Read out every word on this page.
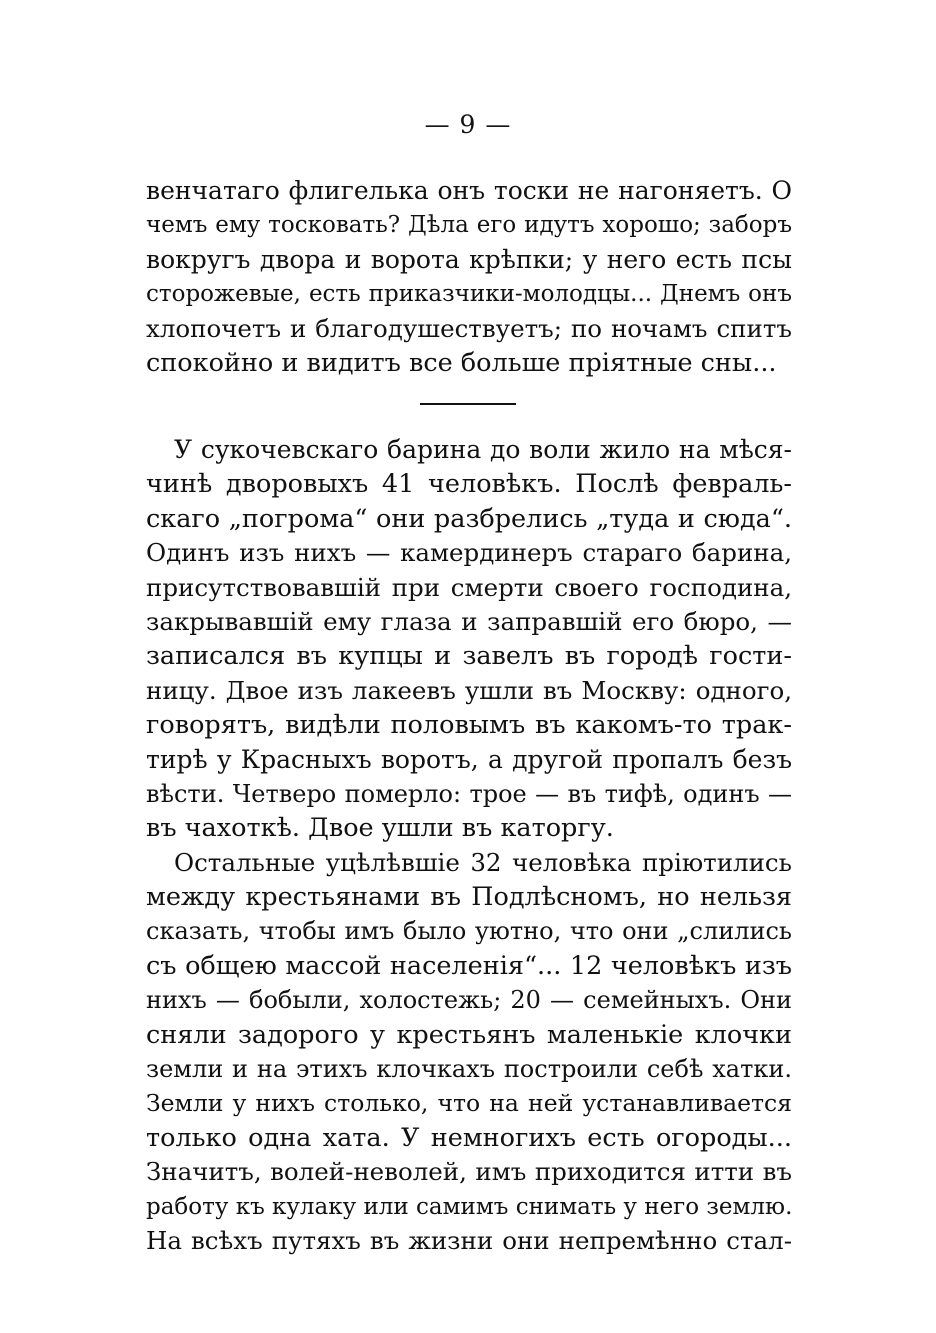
— 9 —
венчатаго флигелька онъ тоски не нагоняетъ. О
чемъ ему тосковать? Дѣла его идутъ хорошо; заборъ
вокругъ двора и ворота крѣпки; у него есть псы
сторожевые, есть приказчики-молодцы... Днемъ онъ
хлопочетъ и благодушествуетъ; по ночамъ спитъ
спокойно и видитъ все больше пріятные сны...
У сукочевскаго барина до воли жило на мѣся-
чинѣ дворовыхъ 41 человѣкъ. Послѣ февраль-
скаго „погрома“ они разбрелись „туда и сюда“.
Одинъ изъ нихъ — камердинеръ стараго барина,
присутствовавшій при смерти своего господина,
закрывавшій ему глаза и заправшій его бюро, —
записался въ купцы и завелъ въ городѣ гости-
ницу. Двое изъ лакеевъ ушли въ Москву: одного,
говорятъ, видѣли половымъ въ какомъ-то трак-
тирѣ у Красныхъ воротъ, а другой пропалъ безъ
вѣсти. Четверо померло: трое — въ тифѣ, одинъ —
въ чахоткѣ. Двое ушли въ каторгу.
Остальные уцѣлѣвшіе 32 человѣка пріютились
между крестьянами въ Подлѣсномъ, но нельзя
сказать, чтобы имъ было уютно, что они „слились
съ общею массой населенія“... 12 человѣкъ изъ
нихъ — бобыли, холостежь; 20 — семейныхъ. Они
сняли задорого у крестьянъ маленькіе клочки
земли и на этихъ клочкахъ построили себѣ хатки.
Земли у нихъ столько, что на ней устанавливается
только одна хата. У немногихъ есть огороды...
Значитъ, волей-неволей, имъ приходится итти въ
работу къ кулаку или самимъ снимать у него землю.
На всѣхъ путяхъ въ жизни они непремѣнно стал-
